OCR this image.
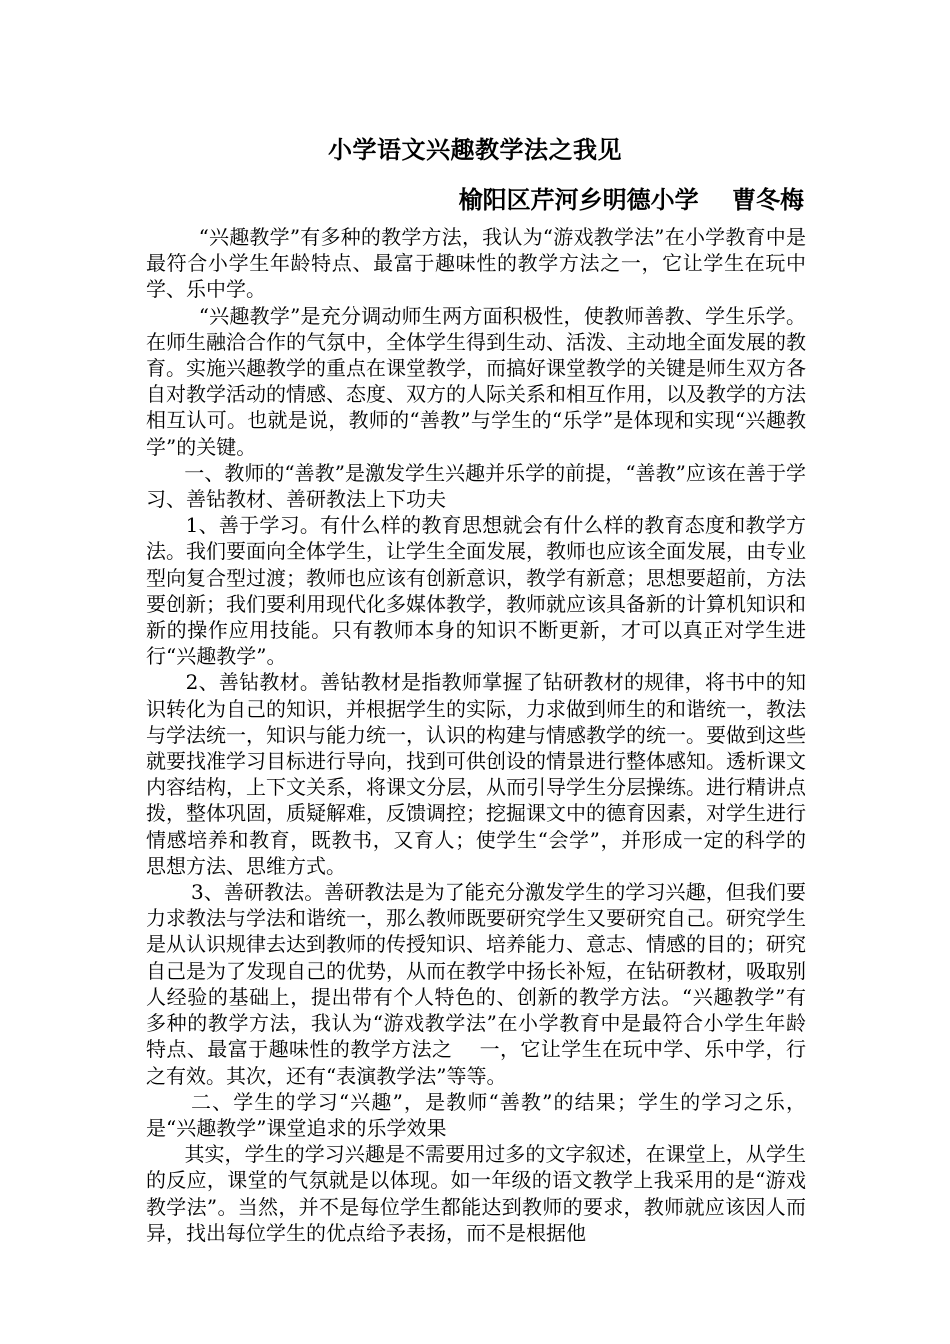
小学语文兴趣教学法之我见
榆阳区芹河乡明德小学    曹冬梅

“兴趣教学”有多种的教学方法，我认为“游戏教学法”在小学教育中是最符合小学生年龄特点、最富于趣味性的教学方法之一，它让学生在玩中学、乐中学。

“兴趣教学”是充分调动师生两方面积极性，使教师善教、学生乐学。在师生融洽合作的气氛中，全体学生得到生动、活泼、主动地全面发展的教育。实施兴趣教学的重点在课堂教学，而搞好课堂教学的关键是师生双方各自对教学活动的情感、态度、双方的人际关系和相互作用，以及教学的方法相互认可。也就是说，教师的“善教”与学生的“乐学”是体现和实现“兴趣教学”的关键。

一、教师的“善教”是激发学生兴趣并乐学的前提，“善教”应该在善于学习、善钻教材、善研教法上下功夫

1、善于学习。有什么样的教育思想就会有什么样的教育态度和教学方法。我们要面向全体学生，让学生全面发展，教师也应该全面发展，由专业型向复合型过渡；教师也应该有创新意识，教学有新意；思想要超前，方法要创新；我们要利用现代化多媒体教学，教师就应该具备新的计算机知识和新的操作应用技能。只有教师本身的知识不断更新，才可以真正对学生进行“兴趣教学”。

2、善钻教材。善钻教材是指教师掌握了钻研教材的规律，将书中的知识转化为自己的知识，并根据学生的实际，力求做到师生的和谐统一，教法与学法统一，知识与能力统一，认识的构建与情感教学的统一。要做到这些就要找准学习目标进行导向，找到可供创设的情景进行整体感知。透析课文内容结构，上下文关系，将课文分层，从而引导学生分层操练。进行精讲点拨，整体巩固，质疑解难，反馈调控；挖掘课文中的德育因素，对学生进行情感培养和教育，既教书，又育人；使学生“会学”，并形成一定的科学的思想方法、思维方式。

3、善研教法。善研教法是为了能充分激发学生的学习兴趣，但我们要力求教法与学法和谐统一，那么教师既要研究学生又要研究自己。研究学生是从认识规律去达到教师的传授知识、培养能力、意志、情感的目的；研究自己是为了发现自己的优势，从而在教学中扬长补短，在钻研教材，吸取别人经验的基础上，提出带有个人特色的、创新的教学方法。“兴趣教学”有多种的教学方法，我认为“游戏教学法”在小学教育中是最符合小学生年龄特点、最富于趣味性的教学方法之    一，它让学生在玩中学、乐中学，行之有效。其次，还有“表演教学法”等等。

二、学生的学习“兴趣”，是教师“善教”的结果；学生的学习之乐，是“兴趣教学”课堂追求的乐学效果

其实，学生的学习兴趣是不需要用过多的文字叙述，在课堂上，从学生的反应，课堂的气氛就是以体现。如一年级的语文教学上我采用的是“游戏教学法”。当然，并不是每位学生都能达到教师的要求，教师就应该因人而异，找出每位学生的优点给予表扬，而不是根据他
